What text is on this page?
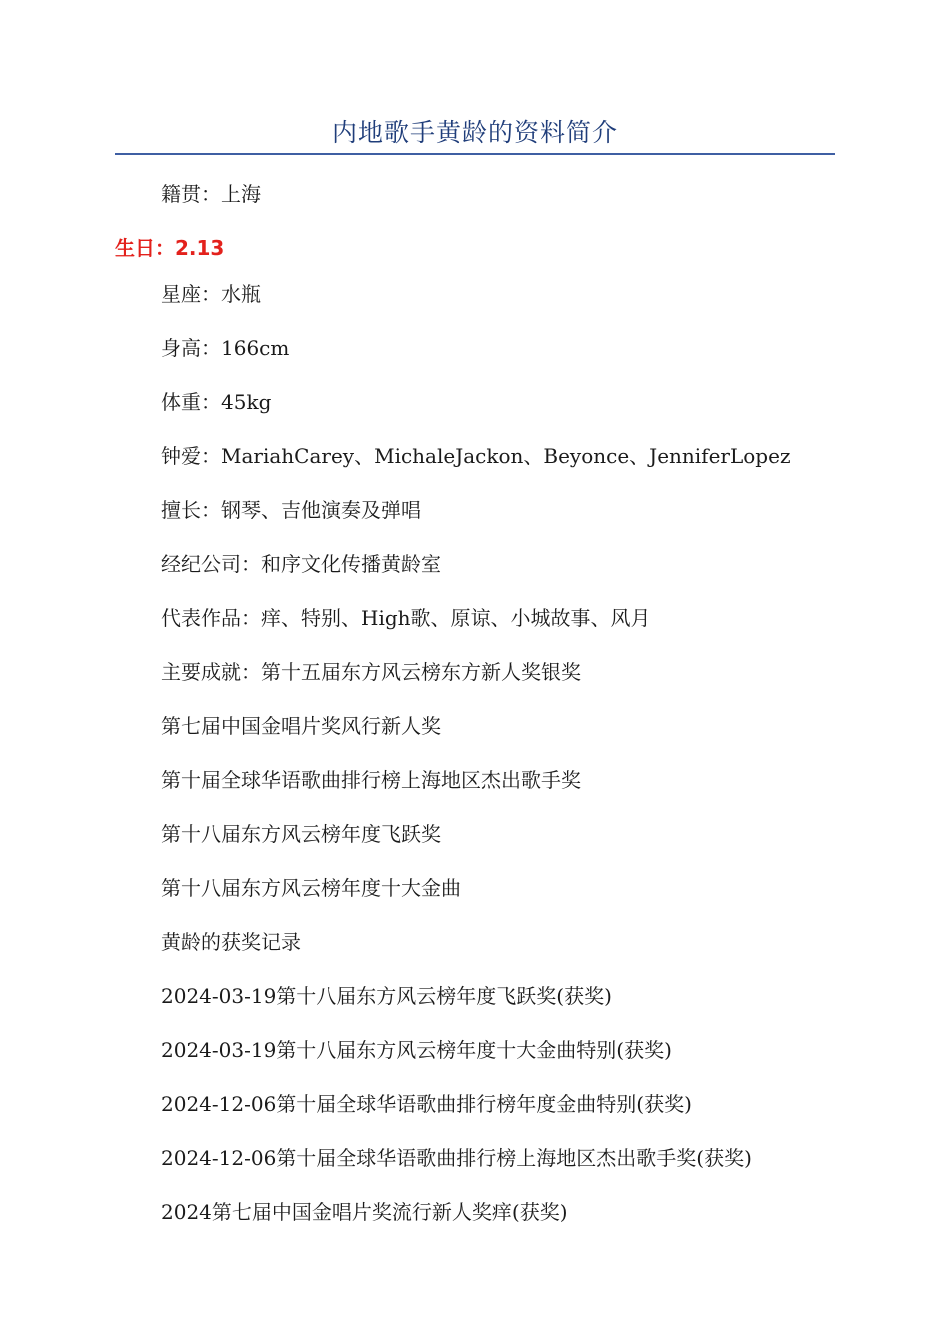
内地歌手黄龄的资料简介
籍贯：上海
生日：2.13
星座：水瓶
身高：166cm
体重：45kg
钟爱：MariahCarey、MichaleJackon、Beyonce、JenniferLopez
擅长：钢琴、吉他演奏及弹唱
经纪公司：和序文化传播黄龄室
代表作品：痒、特别、High歌、原谅、小城故事、风月
主要成就：第十五届东方风云榜东方新人奖银奖
第七届中国金唱片奖风行新人奖
第十届全球华语歌曲排行榜上海地区杰出歌手奖
第十八届东方风云榜年度飞跃奖
第十八届东方风云榜年度十大金曲
黄龄的获奖记录
2024-03-19第十八届东方风云榜年度飞跃奖(获奖)
2024-03-19第十八届东方风云榜年度十大金曲特别(获奖)
2024-12-06第十届全球华语歌曲排行榜年度金曲特别(获奖)
2024-12-06第十届全球华语歌曲排行榜上海地区杰出歌手奖(获奖)
2024第七届中国金唱片奖流行新人奖痒(获奖)
